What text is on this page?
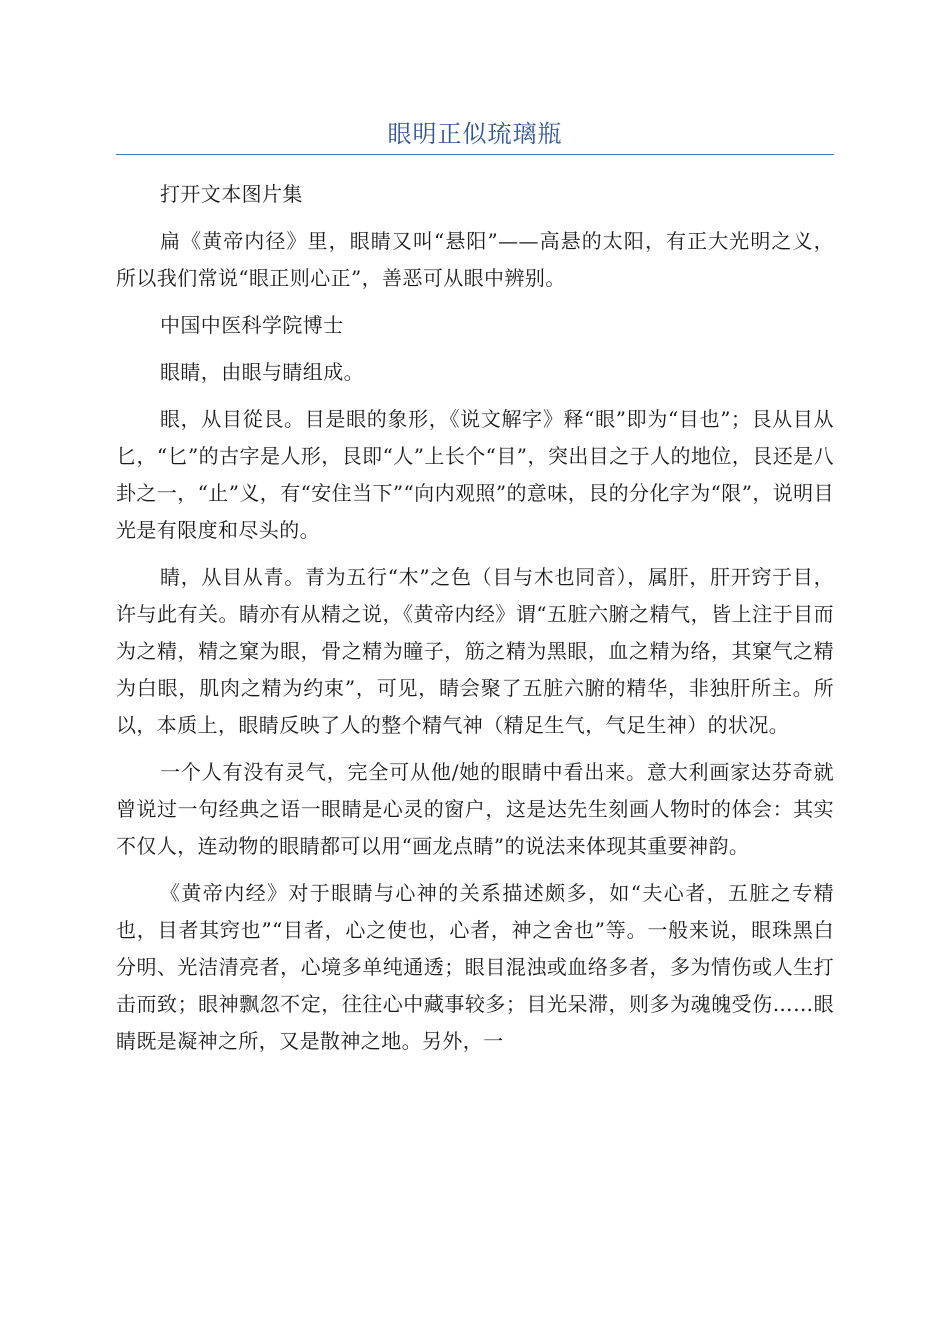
眼明正似琉璃瓶

打开文本图片集

扁《黄帝内径》里，眼睛又叫“悬阳”——高悬的太阳，有正大光明之义，所以我们常说“眼正则心正”，善恶可从眼中辨别。

中国中医科学院博士

眼睛，由眼与睛组成。

眼，从目從艮。目是眼的象形，《说文解字》释“眼”即为“目也”；艮从目从匕，“匕”的古字是人形，艮即“人”上长个“目”，突出目之于人的地位，艮还是八卦之一，“止”义，有“安住当下”“向内观照”的意味，艮的分化字为“限”，说明目光是有限度和尽头的。

睛，从目从青。青为五行“木”之色（目与木也同音），属肝，肝开窍于目，许与此有关。睛亦有从精之说，《黄帝内经》谓“五脏六腑之精气，皆上注于目而为之精，精之窠为眼，骨之精为瞳子，筋之精为黑眼，血之精为络，其窠气之精为白眼，肌肉之精为约束”，可见，睛会聚了五脏六腑的精华，非独肝所主。所以，本质上，眼睛反映了人的整个精气神（精足生气，气足生神）的状况。

一个人有没有灵气，完全可从他/她的眼睛中看出来。意大利画家达芬奇就曾说过一句经典之语一眼睛是心灵的窗户，这是达先生刻画人物时的体会：其实不仅人，连动物的眼睛都可以用“画龙点睛”的说法来体现其重要神韵。

《黄帝内经》对于眼睛与心神的关系描述颇多，如“夫心者，五脏之专精也，目者其窍也”“目者，心之使也，心者，神之舍也”等。一般来说，眼珠黑白分明、光洁清亮者，心境多单纯通透；眼目混浊或血络多者，多为情伤或人生打击而致；眼神飘忽不定，往往心中藏事较多；目光呆滞，则多为魂魄受伤……眼睛既是凝神之所，又是散神之地。另外，一
